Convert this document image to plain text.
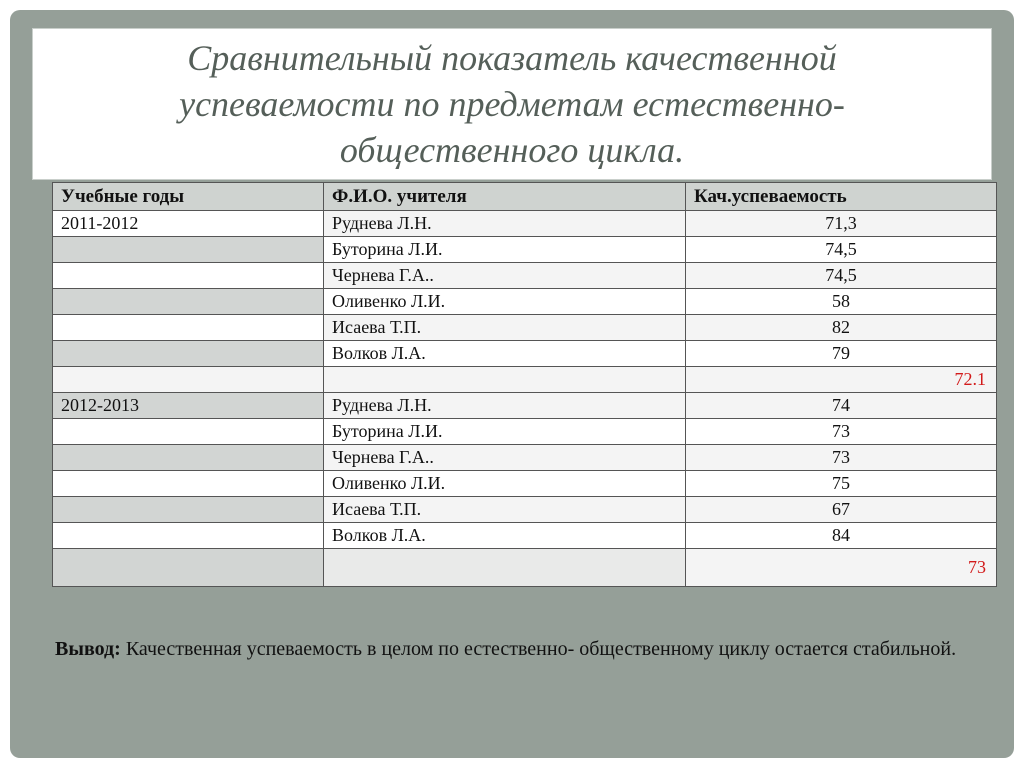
Сравнительный показатель качественной
успеваемости по предметам естественно-
общественного цикла.
Учебные годы	Ф.И.О. учителя	Кач.успеваемость
2011-2012	Руднева Л.Н.	71,3
	Буторина Л.И.	74,5
	Чернева Г.А..	74,5
	Оливенко Л.И.	58
	Исаева Т.П.	82
	Волков Л.А.	79
		72.1
2012-2013	Руднева Л.Н.	74
	Буторина Л.И.	73
	Чернева Г.А..	73
	Оливенко Л.И.	75
	Исаева Т.П.	67
	Волков Л.А.	84
		73

Вывод: Качественная успеваемость в целом по естественно- общественному циклу остается стабильной.
